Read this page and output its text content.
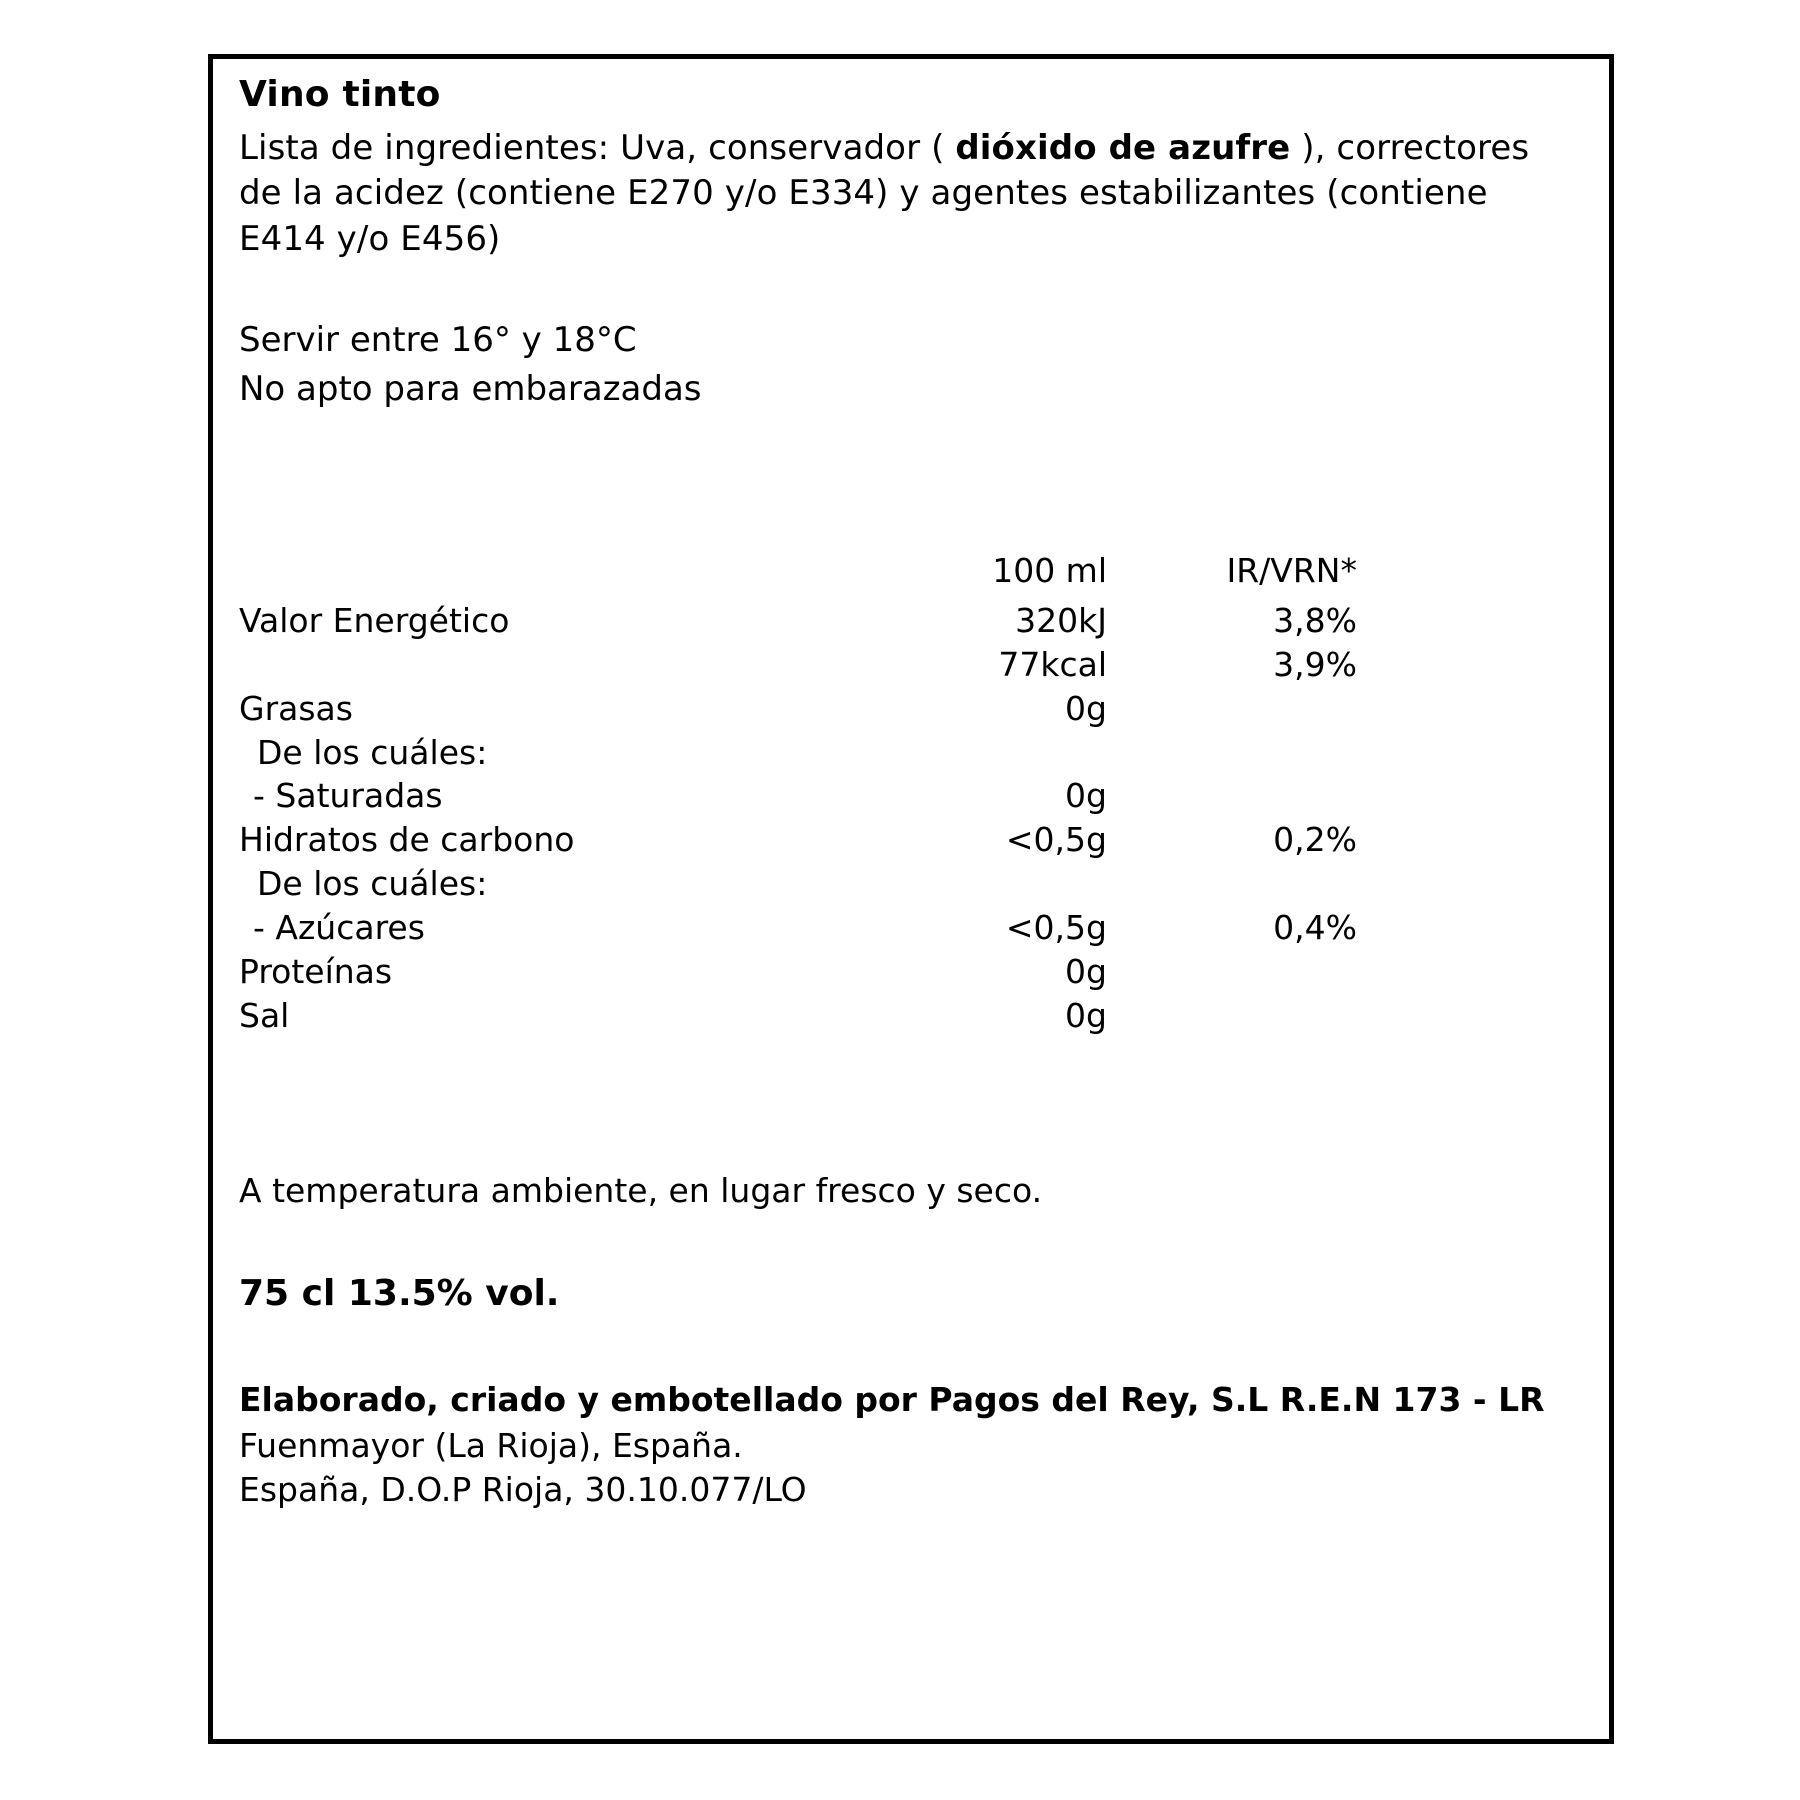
Vino tinto

Lista de ingredientes: Uva, conservador ( dióxido de azufre ), correctores de la acidez (contiene E270 y/o E334) y agentes estabilizantes (contiene E414 y/o E456)

Servir entre 16° y 18°C
No apto para embarazadas
	100 ml	IR/VRN*
Valor Energético	320kJ	3,8%
	77kcal	3,9%
Grasas	0g	
De los cuáles:		
- Saturadas	0g	
Hidratos de carbono	<0,5g	0,2%
De los cuáles:		
- Azúcares	<0,5g	0,4%
Proteínas	0g	
Sal	0g	

A temperatura ambiente, en lugar fresco y seco.

75 cl 13.5% vol.

Elaborado, criado y embotellado por Pagos del Rey, S.L R.E.N 173 - LR

Fuenmayor (La Rioja), España.

España, D.O.P Rioja, 30.10.077/LO
